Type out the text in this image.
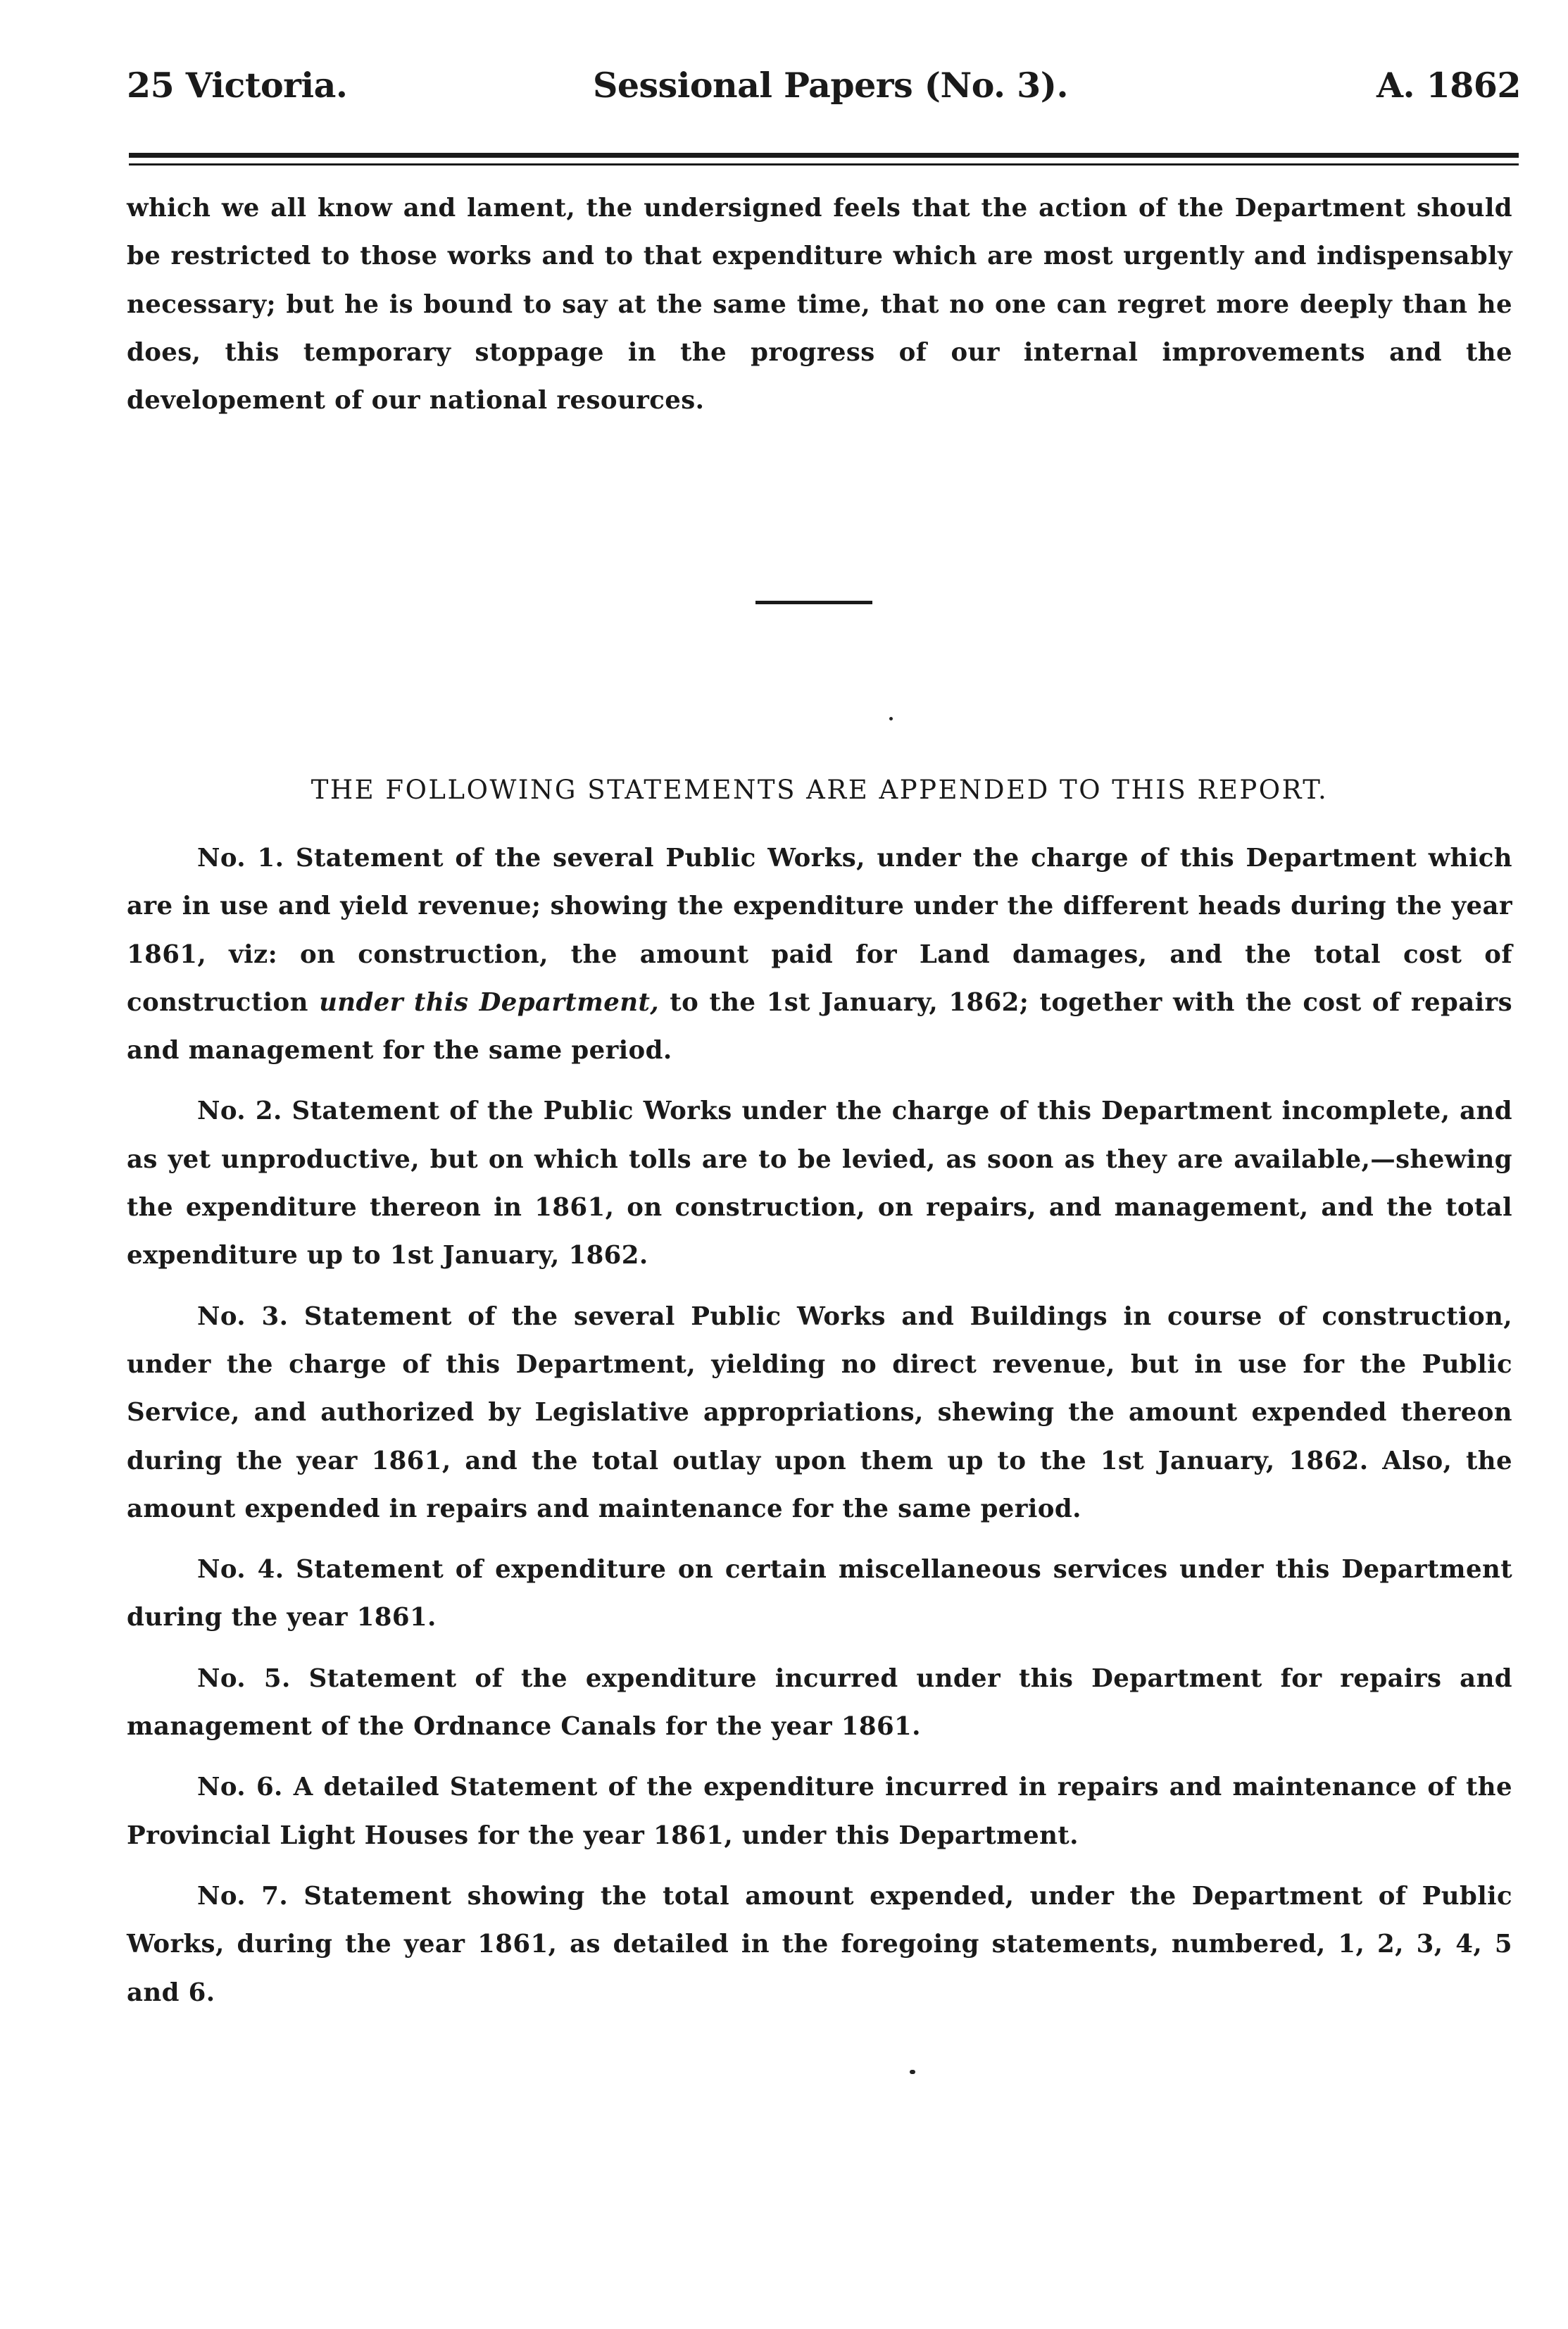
25 Victoria.	Sessional Papers (No. 3).	A. 1862

which we all know and lament, the undersigned feels that the action of the Department should be restricted to those works and to that expenditure which are most urgently and indispensably necessary; but he is bound to say at the same time, that no one can regret more deeply than he does, this temporary stoppage in the progress of our internal improvements and the developement of our national resources.

THE FOLLOWING STATEMENTS ARE APPENDED TO THIS REPORT.

No. 1. Statement of the several Public Works, under the charge of this Department which are in use and yield revenue; showing the expenditure under the different heads during the year 1861, viz: on construction, the amount paid for Land damages, and the total cost of construction under this Department, to the 1st January, 1862; together with the cost of repairs and management for the same period.

No. 2. Statement of the Public Works under the charge of this Department incomplete, and as yet unproductive, but on which tolls are to be levied, as soon as they are available,—shewing the expenditure thereon in 1861, on construction, on repairs, and management, and the total expenditure up to 1st January, 1862.

No. 3. Statement of the several Public Works and Buildings in course of construction, under the charge of this Department, yielding no direct revenue, but in use for the Public Service, and authorized by Legislative appropriations, shewing the amount expended thereon during the year 1861, and the total outlay upon them up to the 1st January, 1862. Also, the amount expended in repairs and maintenance for the same period.

No. 4. Statement of expenditure on certain miscellaneous services under this Department during the year 1861.

No. 5. Statement of the expenditure incurred under this Department for repairs and management of the Ordnance Canals for the year 1861.

No. 6. A detailed Statement of the expenditure incurred in repairs and maintenance of the Provincial Light Houses for the year 1861, under this Department.

No. 7. Statement showing the total amount expended, under the Department of Public Works, during the year 1861, as detailed in the foregoing statements, numbered, 1, 2, 3, 4, 5 and 6.
